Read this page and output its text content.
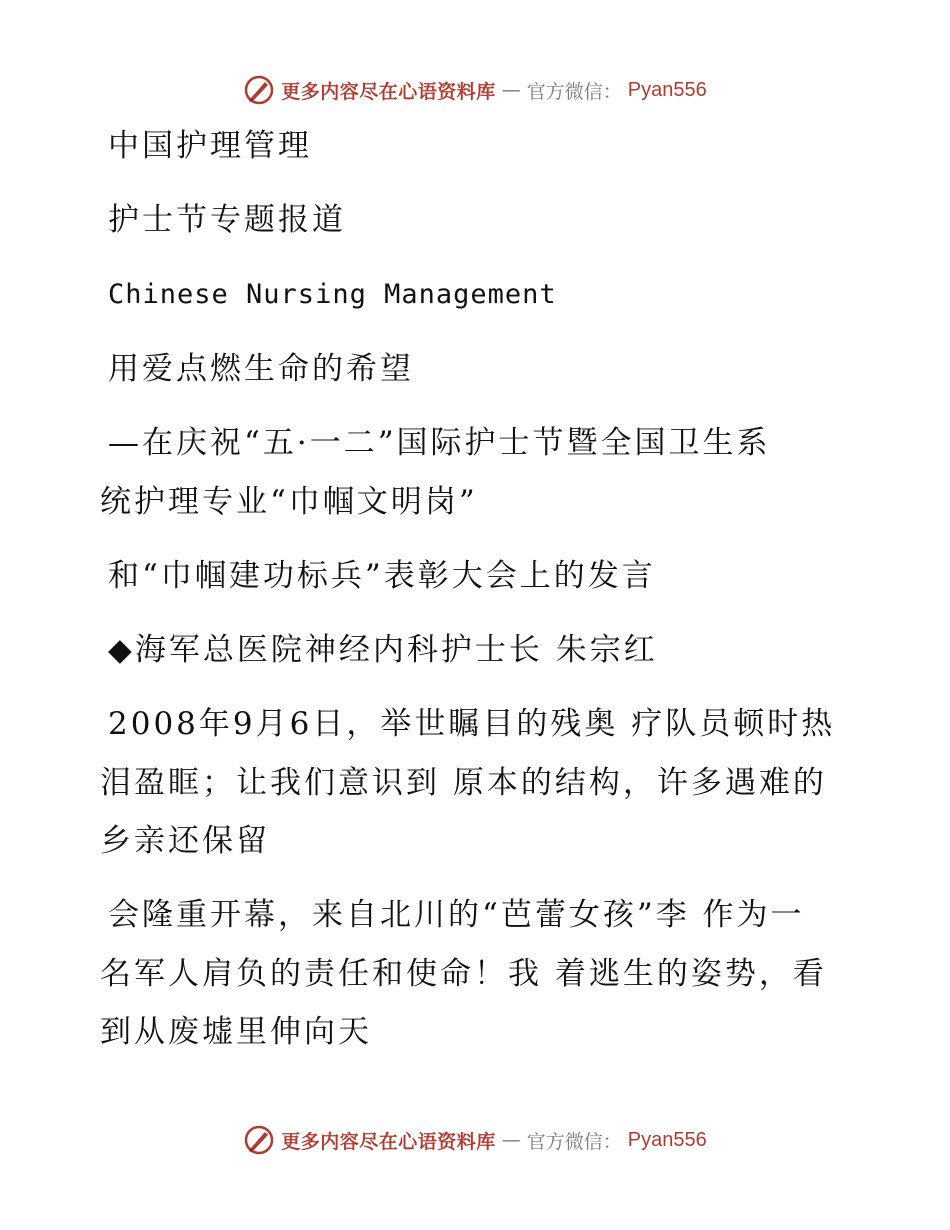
更多内容尽在心语资料库 — 官方微信： Pyan556
中国护理管理
护士节专题报道
Chinese Nursing Management
用爱点燃生命的希望
—在庆祝“五·一二”国际护士节暨全国卫生系
统护理专业“巾帼文明岗”
和“巾帼建功标兵”表彰大会上的发言
◆海军总医院神经内科护士长 朱宗红
2008年9月6日，举世瞩目的残奥 疗队员顿时热
泪盈眶；让我们意识到 原本的结构，许多遇难的
乡亲还保留
会隆重开幕，来自北川的“芭蕾女孩”李 作为一
名军人肩负的责任和使命！我 着逃生的姿势，看
到从废墟里伸向天
更多内容尽在心语资料库 — 官方微信： Pyan556
